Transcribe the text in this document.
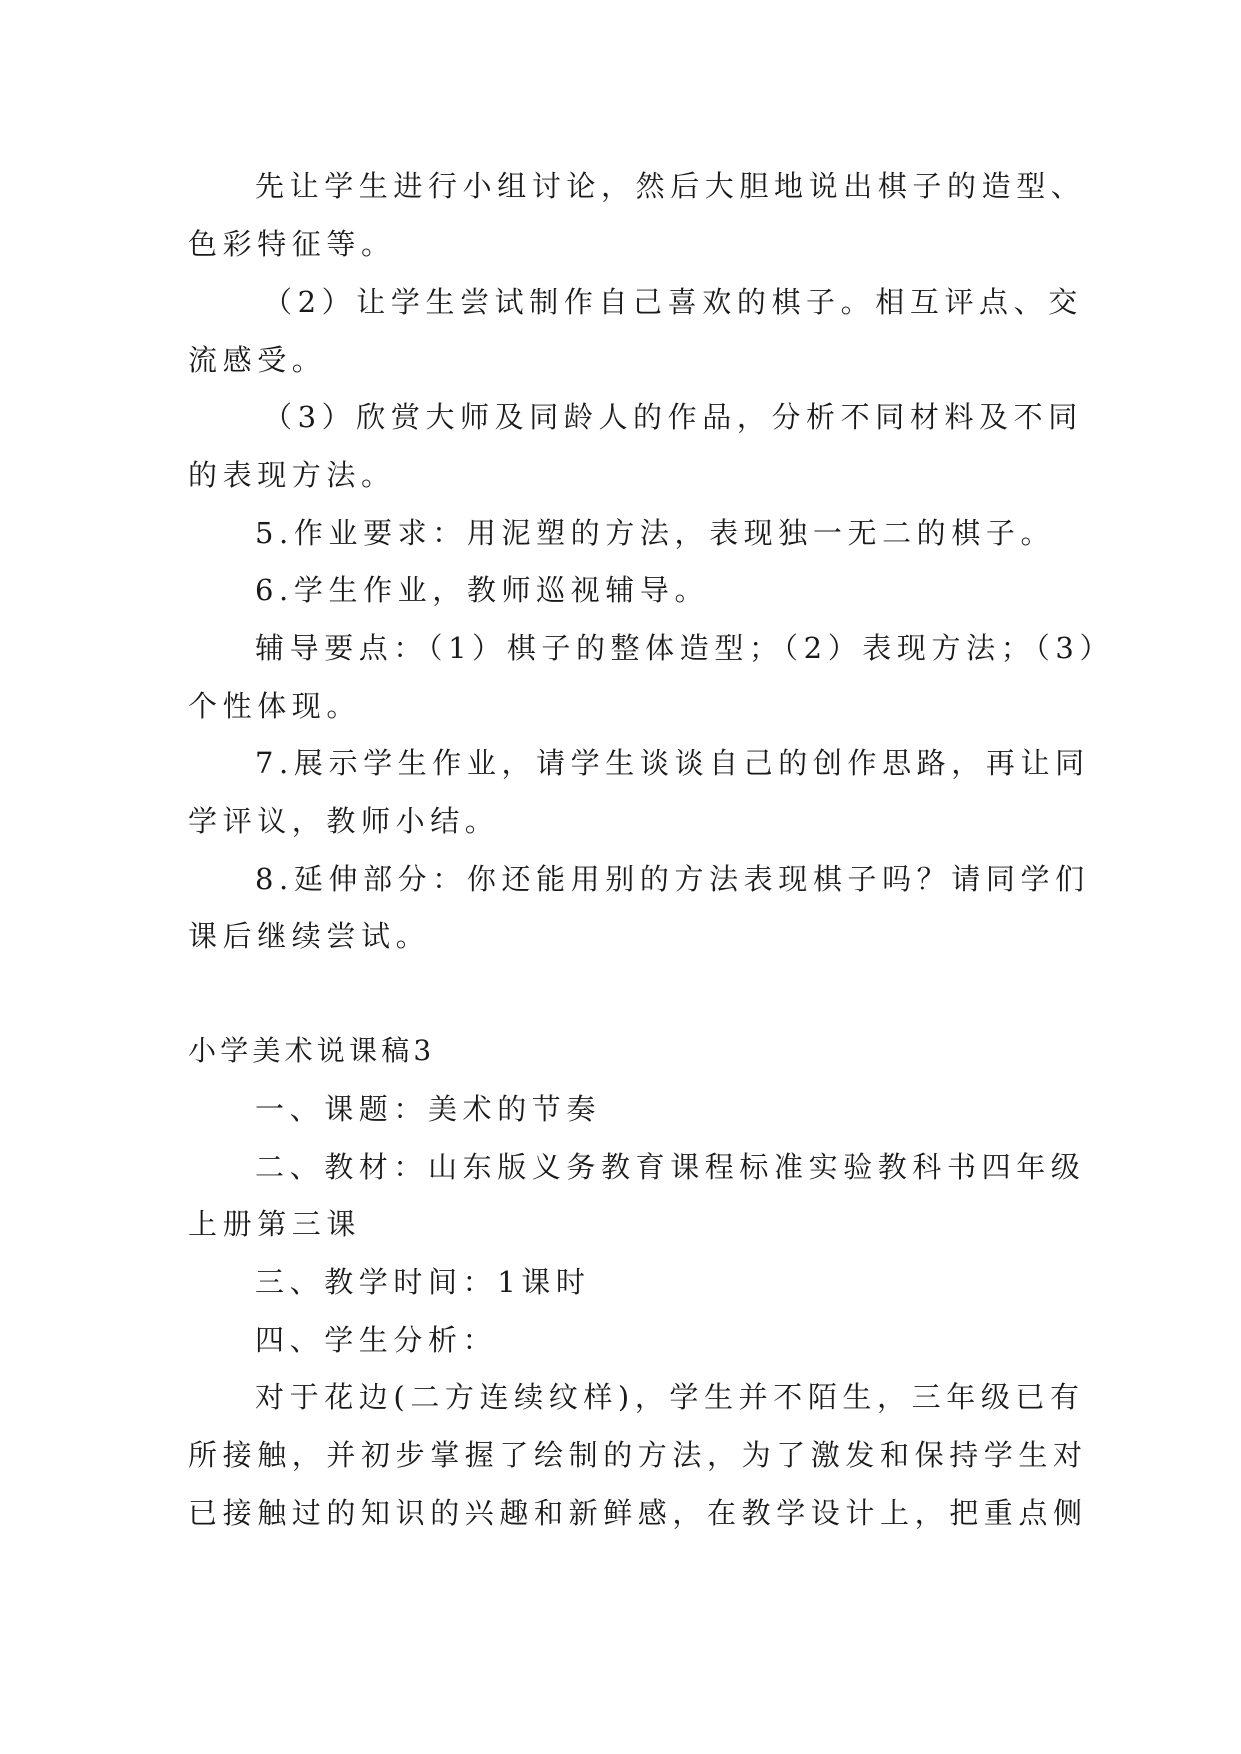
先让学生进行小组讨论，然后大胆地说出棋子的造型、
色彩特征等。
（2）让学生尝试制作自己喜欢的棋子。相互评点、交
流感受。
（3）欣赏大师及同龄人的作品，分析不同材料及不同
的表现方法。
5.作业要求：用泥塑的方法，表现独一无二的棋子。
6.学生作业，教师巡视辅导。
辅导要点：（1）棋子的整体造型；（2）表现方法；（3）
个性体现。
7.展示学生作业，请学生谈谈自己的创作思路，再让同
学评议，教师小结。
8.延伸部分：你还能用别的方法表现棋子吗？请同学们
课后继续尝试。
小学美术说课稿3
一、课题：美术的节奏
二、教材：山东版义务教育课程标准实验教科书四年级
上册第三课
三、教学时间：1课时
四、学生分析：
对于花边(二方连续纹样)，学生并不陌生，三年级已有
所接触，并初步掌握了绘制的方法，为了激发和保持学生对
已接触过的知识的兴趣和新鲜感，在教学设计上，把重点侧
